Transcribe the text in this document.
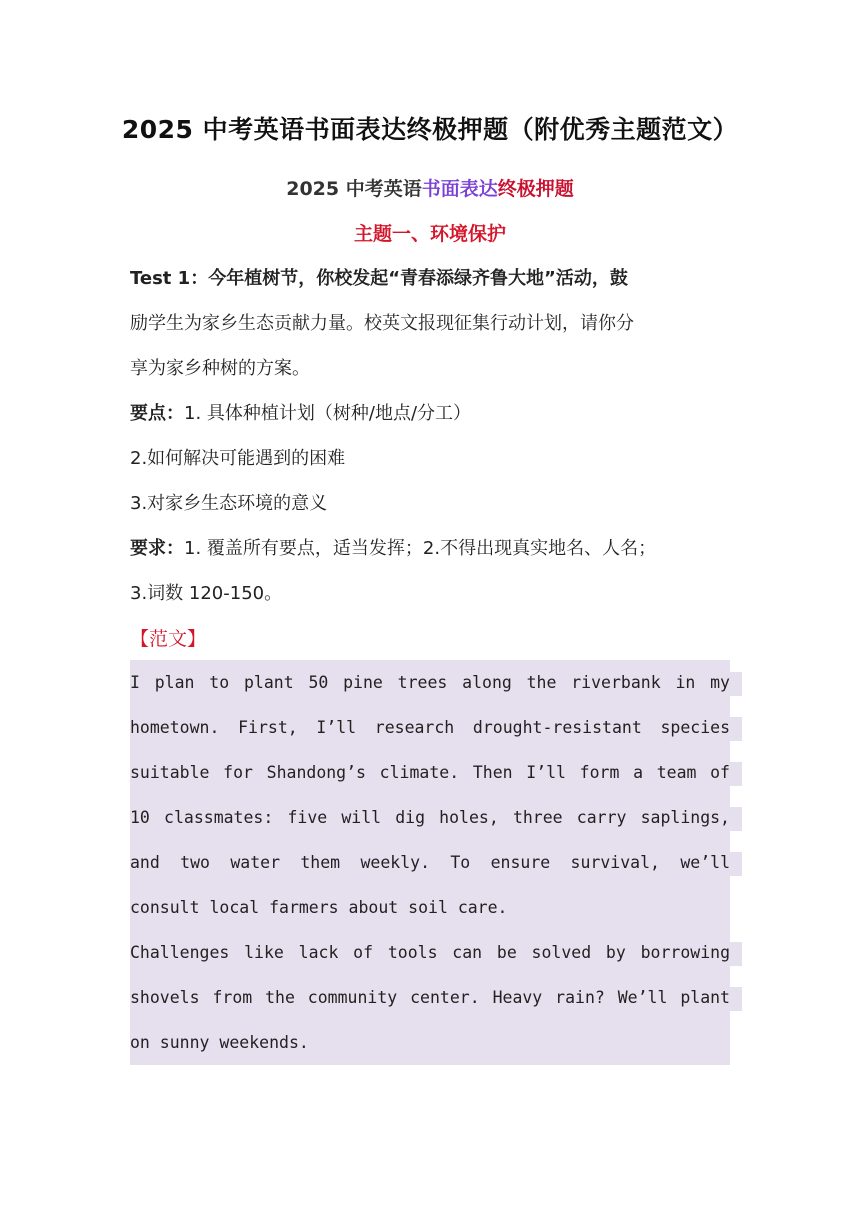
2025 中考英语书面表达终极押题（附优秀主题范文）
2025 中考英语书面表达终极押题
主题一、环境保护
Test 1：今年植树节，你校发起“青春添绿齐鲁大地”活动，鼓
励学生为家乡生态贡献力量。校英文报现征集行动计划，请你分
享为家乡种树的方案。
要点：1. 具体种植计划（树种/地点/分工）
2.如何解决可能遇到的困难
3.对家乡生态环境的意义
要求：1. 覆盖所有要点，适当发挥；2.不得出现真实地名、人名；
3.词数 120-150。
【范文】
I plan to plant 50 pine trees along the riverbank in my
hometown. First, I’ll research drought-resistant species
suitable for Shandong’s climate. Then I’ll form a team of
10 classmates: five will dig holes, three carry saplings,
and two water them weekly. To ensure survival, we’ll
consult local farmers about soil care.
Challenges like lack of tools can be solved by borrowing
shovels from the community center. Heavy rain? We’ll plant
on sunny weekends.
